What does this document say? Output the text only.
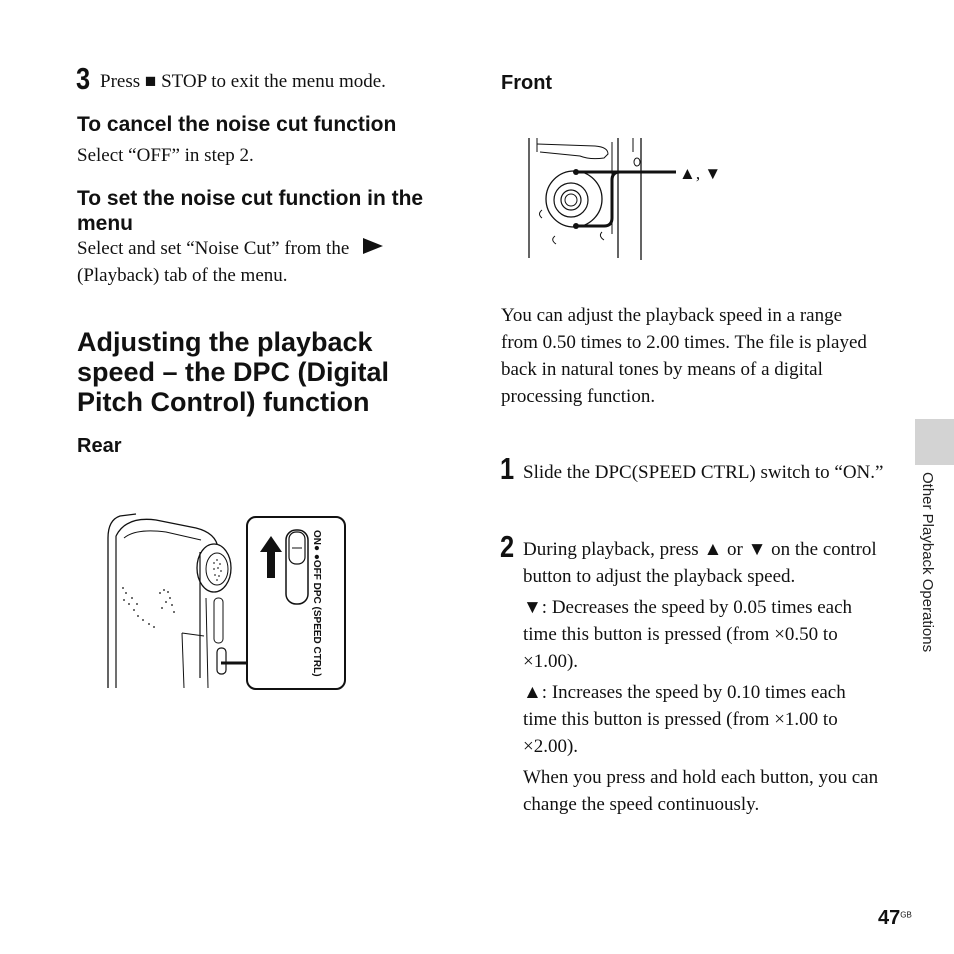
3 Press ■ STOP to exit the menu mode.
To cancel the noise cut function
Select “OFF” in step 2.
To set the noise cut function in the menu
Select and set “Noise Cut” from the
(Playback) tab of the menu.
Adjusting the playback speed – the DPC (Digital Pitch Control) function
Rear
ON● ●OFF DPC (SPEED CTRL)
Front
▲, ▼
You can adjust the playback speed in a range from 0.50 times to 2.00 times. The file is played back in natural tones by means of a digital processing function.
1 Slide the DPC(SPEED CTRL) switch to “ON.”
2 During playback, press ▲ or ▼ on the control button to adjust the playback speed.

▼: Decreases the speed by 0.05 times each time this button is pressed (from ×0.50 to ×1.00).

▲: Increases the speed by 0.10 times each time this button is pressed (from ×1.00 to ×2.00).

When you press and hold each button, you can change the speed continuously.

Other Playback Operations
$47^{GB}$
